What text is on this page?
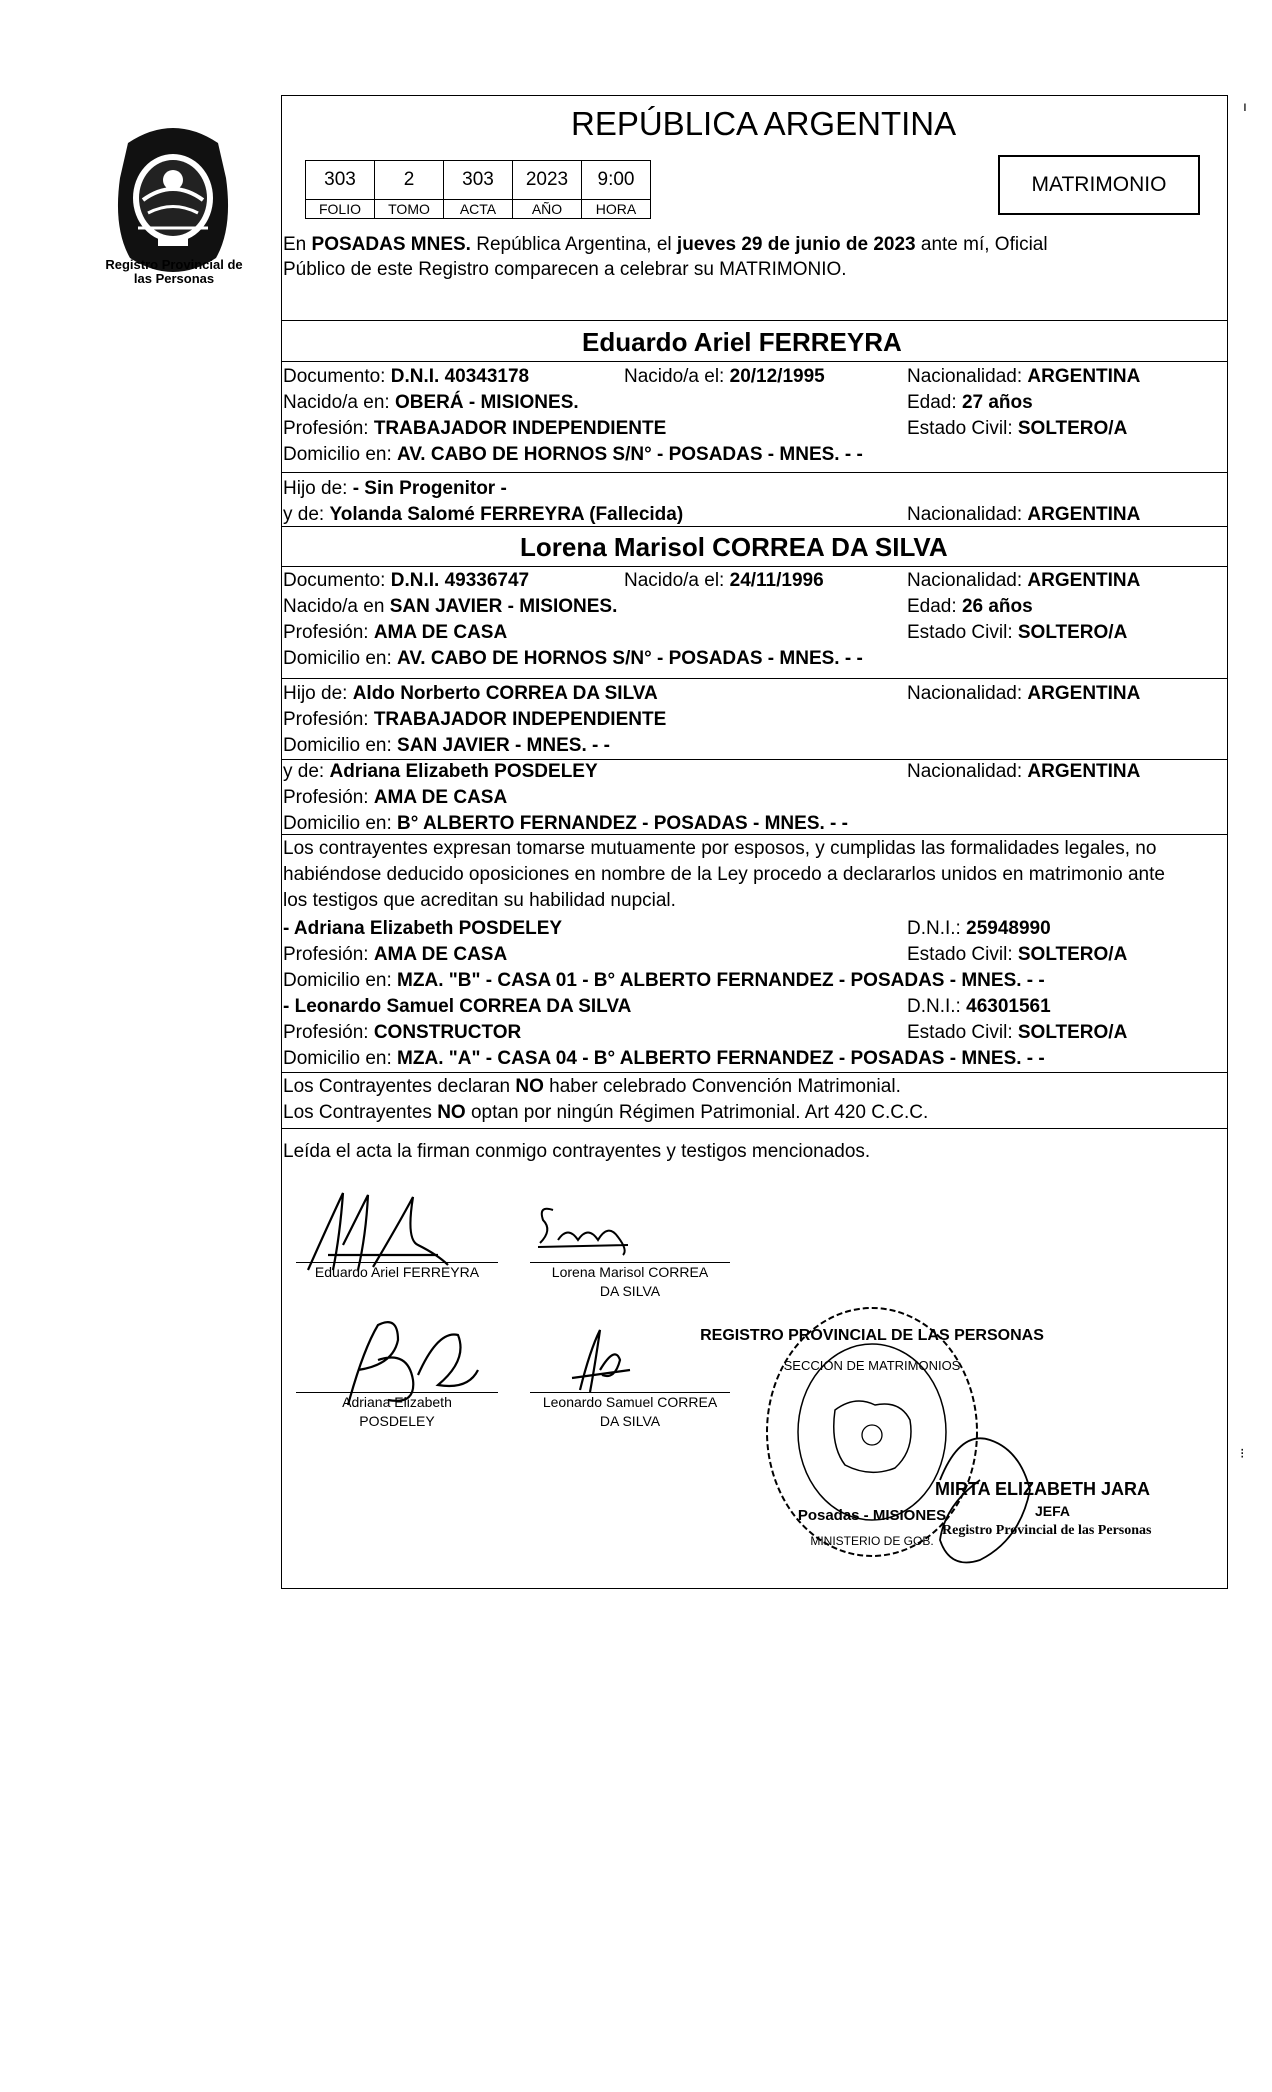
Registro Provincial de las Personas
REPÚBLICA ARGENTINA
303	2	303	2023	9:00
FOLIO	TOMO	ACTA	AÑO	HORA
MATRIMONIO
En POSADAS MNES. República Argentina, el jueves 29 de junio de 2023 ante mí, Oficial
Público de este Registro comparecen a celebrar su MATRIMONIO.
Eduardo Ariel FERREYRA
Documento: D.N.I. 40343178	Nacido/a el: 20/12/1995	Nacionalidad: ARGENTINA
Nacido/a en: OBERÁ - MISIONES.	Edad: 27 años
Profesión: TRABAJADOR INDEPENDIENTE	Estado Civil: SOLTERO/A
Domicilio en: AV. CABO DE HORNOS S/N° - POSADAS - MNES. - -
Hijo de: - Sin Progenitor -
y de: Yolanda Salomé FERREYRA (Fallecida)	Nacionalidad: ARGENTINA
Lorena Marisol CORREA DA SILVA
Documento: D.N.I. 49336747	Nacido/a el: 24/11/1996	Nacionalidad: ARGENTINA
Nacido/a en SAN JAVIER - MISIONES.	Edad: 26 años
Profesión: AMA DE CASA	Estado Civil: SOLTERO/A
Domicilio en: AV. CABO DE HORNOS S/N° - POSADAS - MNES. - -
Hijo de: Aldo Norberto CORREA DA SILVA	Nacionalidad: ARGENTINA
Profesión: TRABAJADOR INDEPENDIENTE
Domicilio en: SAN JAVIER - MNES. - -
y de: Adriana Elizabeth POSDELEY	Nacionalidad: ARGENTINA
Profesión: AMA DE CASA
Domicilio en: B° ALBERTO FERNANDEZ - POSADAS - MNES. - -
Los contrayentes expresan tomarse mutuamente por esposos, y cumplidas las formalidades legales, no
habiéndose deducido oposiciones en nombre de la Ley procedo a declararlos unidos en matrimonio ante
los testigos que acreditan su habilidad nupcial.
- Adriana Elizabeth POSDELEY	D.N.I.: 25948990
Profesión: AMA DE CASA	Estado Civil: SOLTERO/A
Domicilio en: MZA. "B" - CASA 01 - B° ALBERTO FERNANDEZ - POSADAS - MNES. - -
- Leonardo Samuel CORREA DA SILVA	D.N.I.: 46301561
Profesión: CONSTRUCTOR	Estado Civil: SOLTERO/A
Domicilio en: MZA. "A" - CASA 04 - B° ALBERTO FERNANDEZ - POSADAS - MNES. - -
Los Contrayentes declaran NO haber celebrado Convención Matrimonial.
Los Contrayentes NO optan por ningún Régimen Patrimonial. Art 420 C.C.C.
Leída el acta la firman conmigo contrayentes y testigos mencionados.
Eduardo Ariel FERREYRA	Lorena Marisol CORREA
DA SILVA
Adriana Elizabeth
POSDELEY
Leonardo Samuel CORREA
DA SILVA
REGISTRO PROVINCIAL DE LAS PERSONAS
SECCION DE MATRIMONIOS
Posadas - MISIONES
MINISTERIO DE GOB.
MIRTA ELIZABETH JARA
JEFA
Registro Provincial de las Personas
ı
⁝
